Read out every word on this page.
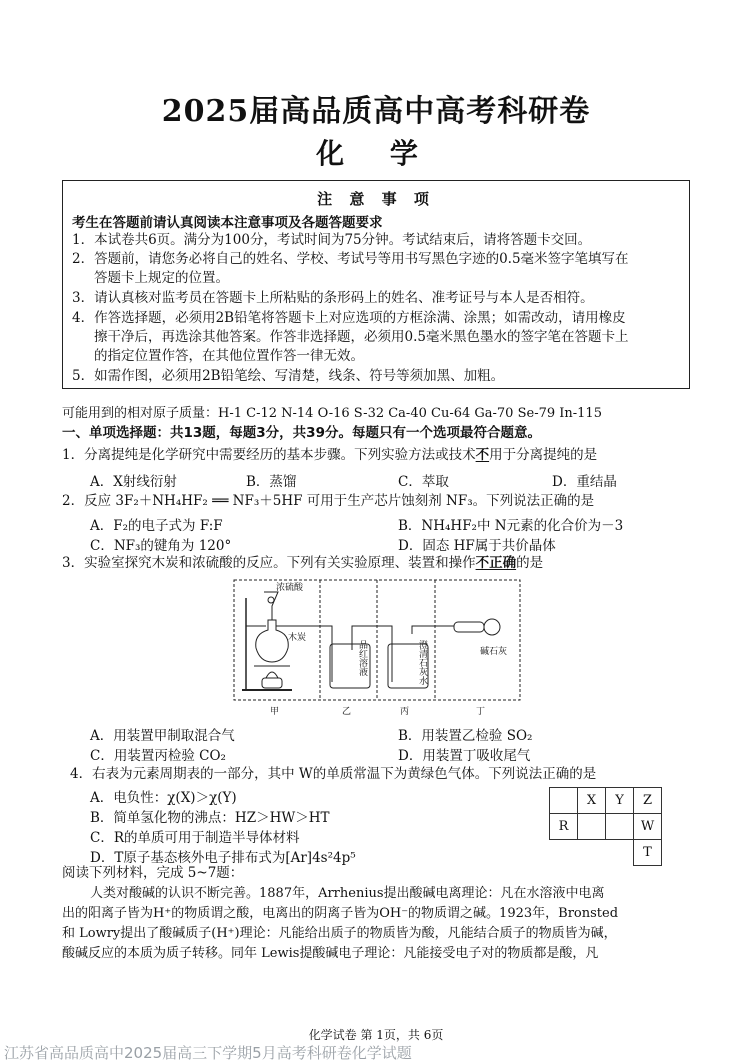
2025届高品质高中高考科研卷
化 学
注 意 事 项
考生在答题前请认真阅读本注意事项及各题答题要求
1．本试卷共6页。满分为100分，考试时间为75分钟。考试结束后，请将答题卡交回。
2．答题前，请您务必将自己的姓名、学校、考试号等用书写黑色字迹的0.5毫米签字笔填写在
答题卡上规定的位置。
3．请认真核对监考员在答题卡上所粘贴的条形码上的姓名、准考证号与本人是否相符。
4．作答选择题，必须用2B铅笔将答题卡上对应选项的方框涂满、涂黑；如需改动，请用橡皮
擦干净后，再选涂其他答案。作答非选择题，必须用0.5毫米黑色墨水的签字笔在答题卡上
的指定位置作答，在其他位置作答一律无效。
5．如需作图，必须用2B铅笔绘、写清楚，线条、符号等须加黑、加粗。
可能用到的相对原子质量：H-1 C-12 N-14 O-16 S-32 Ca-40 Cu-64 Ga-70 Se-79 In-115
一、单项选择题：共13题，每题3分，共39分。每题只有一个选项最符合题意。
1．分离提纯是化学研究中需要经历的基本步骤。下列实验方法或技术不用于分离提纯的是
A．X射线衍射	B．蒸馏	C．萃取	D．重结晶
2．反应 3F₂＋NH₄HF₂ ══ NF₃＋5HF 可用于生产芯片蚀刻剂 NF₃。下列说法正确的是
A．F₂的电子式为 F:F	B．NH₄HF₂中 N元素的化合价为－3
C．NF₃的键角为 120°	D．固态 HF属于共价晶体
3．实验室探究木炭和浓硫酸的反应。下列有关实验原理、装置和操作不正确的是
浓硫酸
木炭
碱石灰
甲	乙	丙	丁
品红溶液	澄清石灰水
A．用装置甲制取混合气	B．用装置乙检验 SO₂
C．用装置丙检验 CO₂	D．用装置丁吸收尾气
4．右表为元素周期表的一部分，其中 W的单质常温下为黄绿色气体。下列说法正确的是
A．电负性：χ(X)＞χ(Y)
B．简单氢化物的沸点：HZ＞HW＞HT
C．R的单质可用于制造半导体材料
D．T原子基态核外电子排布式为[Ar]4s²4p⁵
	X	Y	Z
R			W
			T
阅读下列材料，完成 5~7题：
人类对酸碱的认识不断完善。1887年，Arrhenius提出酸碱电离理论：凡在水溶液中电离
出的阳离子皆为H⁺的物质谓之酸，电离出的阴离子皆为OH⁻的物质谓之碱。1923年，Bronsted
和 Lowry提出了酸碱质子(H⁺)理论：凡能给出质子的物质皆为酸，凡能结合质子的物质皆为碱，
酸碱反应的本质为质子转移。同年 Lewis提酸碱电子理论：凡能接受电子对的物质都是酸，凡
化学试卷 第 1页，共 6页
江苏省高品质高中2025届高三下学期5月高考科研卷化学试题
